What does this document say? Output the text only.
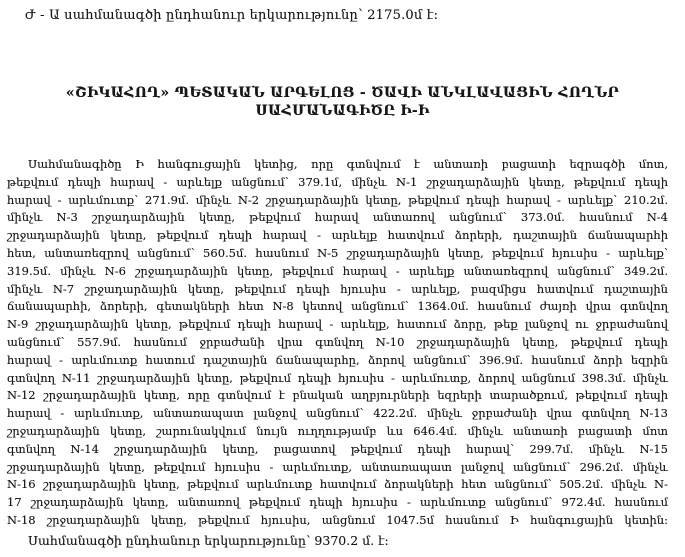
Ժ - Ա սահմանագծի ընդհանուր երկարությունը՝ 2175.0մ է:
«ՇԻԿԱՀՈՂ» ՊԵՏԱԿԱՆ ԱՐԳԵԼՈՑ - ԾԱՎԻ ԱՆԿԼԱՎԱՑԻՆ ՀՈՂՆՐ
ՍԱՀՄԱՆԱԳԻԾԸ Ի-Ի
Սահմանագիծը Ի հանգուցային կետից, որը գտնվում է անտառի բացատի եզրագծի մոտ,
թեքվում դեպի հարավ - արևելք անցնում՝ 379.1մ, մինչև N-1 շրջադարձային կետը, թեքվում դեպի
հարավ - արևմուտք՝ 271.9մ. մինչև N-2 շրջադարձային կետը, թեքվում դեպի հարավ - արևելք՝ 210.2մ.
մինչև N-3 շրջադարձային կետը, թեքվում հարավ անտառով անցնում՝ 373.0մ. հասնում N-4
շրջադարձային կետը, թեքվում դեպի հարավ - արևելք հատվում ձորերի, դաշտային ճանապարհի
հետ, անտառեզրով անցնում՝ 560.5մ. հասնում N-5 շրջադարձային կետը, թեքվում հյուսիս - արևելք՝
319.5մ. մինչև N-6 շրջադարձային կետը, թեքվում հարավ - արևելք անտառեզրով անցնում՝ 349.2մ.
մինչև N-7 շրջադարձային կետը, թեքվում դեպի հյուսիս - արևելք, բազմիցս հատվում դաշտային
ճանապարհի, ձորերի, գետակների հետ N-8 կետով անցնում՝ 1364.0մ. հասնում ժայռի վրա գտնվող
N-9 շրջադարձային կետը, թեքվում դեպի հարավ - արևելք, հատում ձորը, թեք լանջով ու ջրբաժանով
անցնում՝ 557.9մ. հասնում ջրբաժանի վրա գտնվող N-10 շրջադարձային կետը, թեքվում դեպի
հարավ - արևմուտք հատում դաշտային ճանապարհը, ձորով անցնում՝ 396.9մ. հասնում ձորի եզրին
գտնվող N-11 շրջադարձային կետը, թեքվում դեպի հյուսիս - արևմուտք, ձորով անցնում 398.3մ. մինչև
N-12 շրջադարձային կետը, որը գտնվում է բնական աղբյուրների եզրերի տարածքում, թեքվում դեպի
հարավ - արևմուտք, անտառապատ լանջով անցնում՝ 422.2մ. մինչև ջրբաժանի վրա գտնվող N-13
շրջադարձային կետը, շարունակվում նույն ուղղությամբ ևս 646.4մ. մինչև անտառի բացատի մոտ
գտնվող N-14 շրջադարձային կետը, բացատով թեքվում դեպի հարավ՝ 299.7մ. մինչև N-15
շրջադարձային կետը, թեքվում հյուսիս - արևմուտք, անտառապատ լանջով անցնում՝ 296.2մ. մինչև
N-16 շրջադարձային կետը, թեքվում արևմուտք հատվում ձորակների հետ անցնում՝ 505.2մ. մինչև N-
17 շրջադարձային կետը, անտառով թեքվում դեպի հյուսիս - արևմուտք անցնում՝ 972.4մ. հասնում
N-18 շրջադարձային կետը, թեքվում հյուսիս, անցնում 1047.5մ հասնում Ի հանգուցային կետին:
Սահմանագծի ընդհանուր երկարությունը՝ 9370.2 մ. է:
